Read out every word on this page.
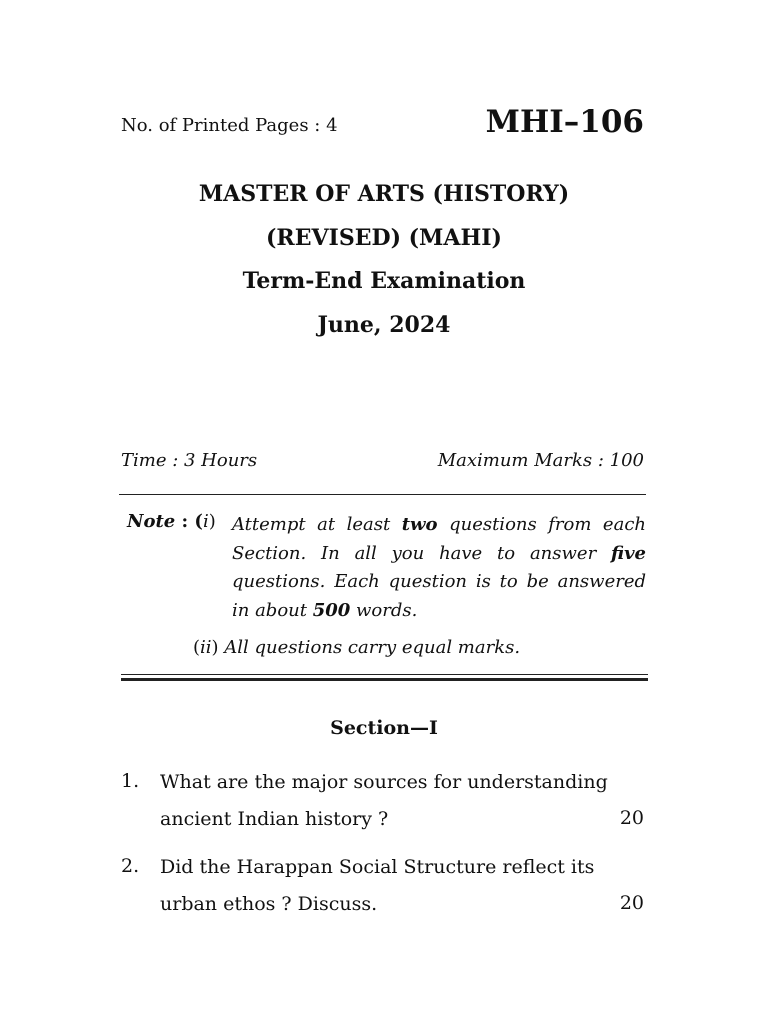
No. of Printed Pages : 4	MHI–106
MASTER OF ARTS (HISTORY)
(REVISED) (MAHI)
Term-End Examination
June, 2024
Time : 3 Hours	Maximum Marks : 100
Note : (i) Attempt at least two questions from each Section. In all you have to answer five questions. Each question is to be answered in about 500 words.
(ii) All questions carry equal marks.
Section—I
1. What are the major sources for understanding
ancient Indian history ?	20
2. Did the Harappan Social Structure reflect its
urban ethos ? Discuss.	20
